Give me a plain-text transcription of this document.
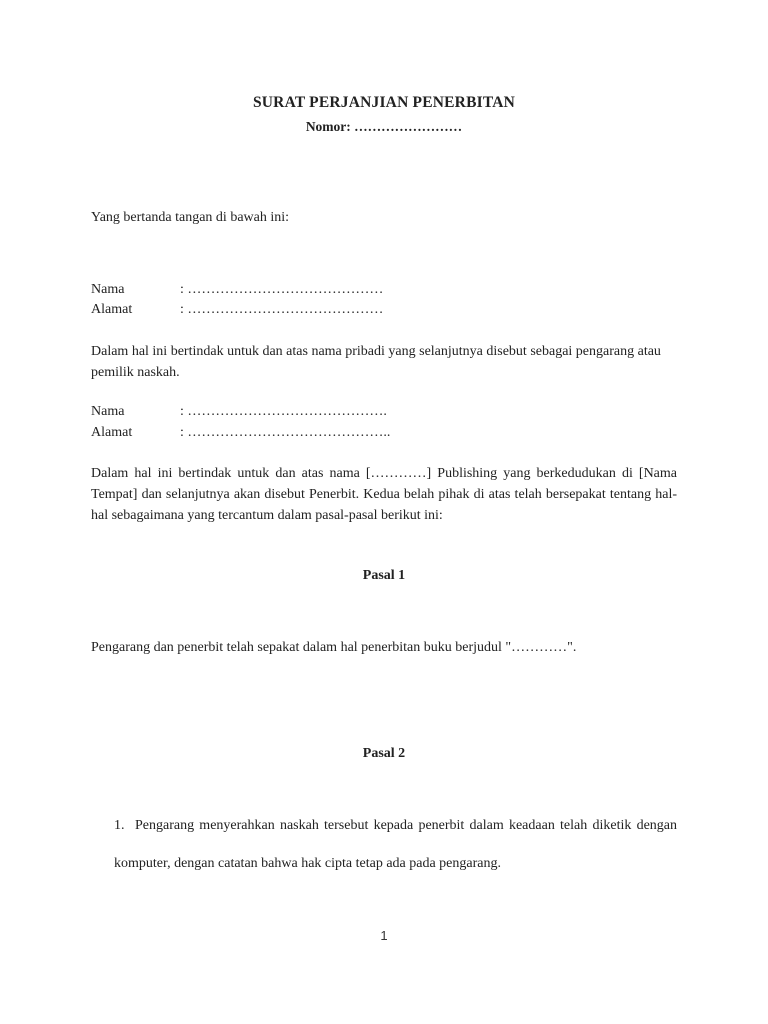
SURAT PERJANJIAN PENERBITAN
Nomor: ……………………
Yang bertanda tangan di bawah ini:
Nama	: ……………………………………
Alamat	: ……………………………………

Dalam hal ini bertindak untuk dan atas nama pribadi yang selanjutnya disebut sebagai pengarang atau pemilik naskah.

Nama	: …………………………………….
Alamat	: ……………………………………..

Dalam hal ini bertindak untuk dan atas nama […………] Publishing yang berkedudukan di [Nama Tempat] dan selanjutnya akan disebut Penerbit. Kedua belah pihak di atas telah bersepakat tentang hal-hal sebagaimana yang tercantum dalam pasal-pasal berikut ini:

Pasal 1
Pengarang dan penerbit telah sepakat dalam hal penerbitan buku berjudul "…………".
Pasal 2

1. Pengarang menyerahkan naskah tersebut kepada penerbit dalam keadaan telah diketik dengan komputer, dengan catatan bahwa hak cipta tetap ada pada pengarang.

1
